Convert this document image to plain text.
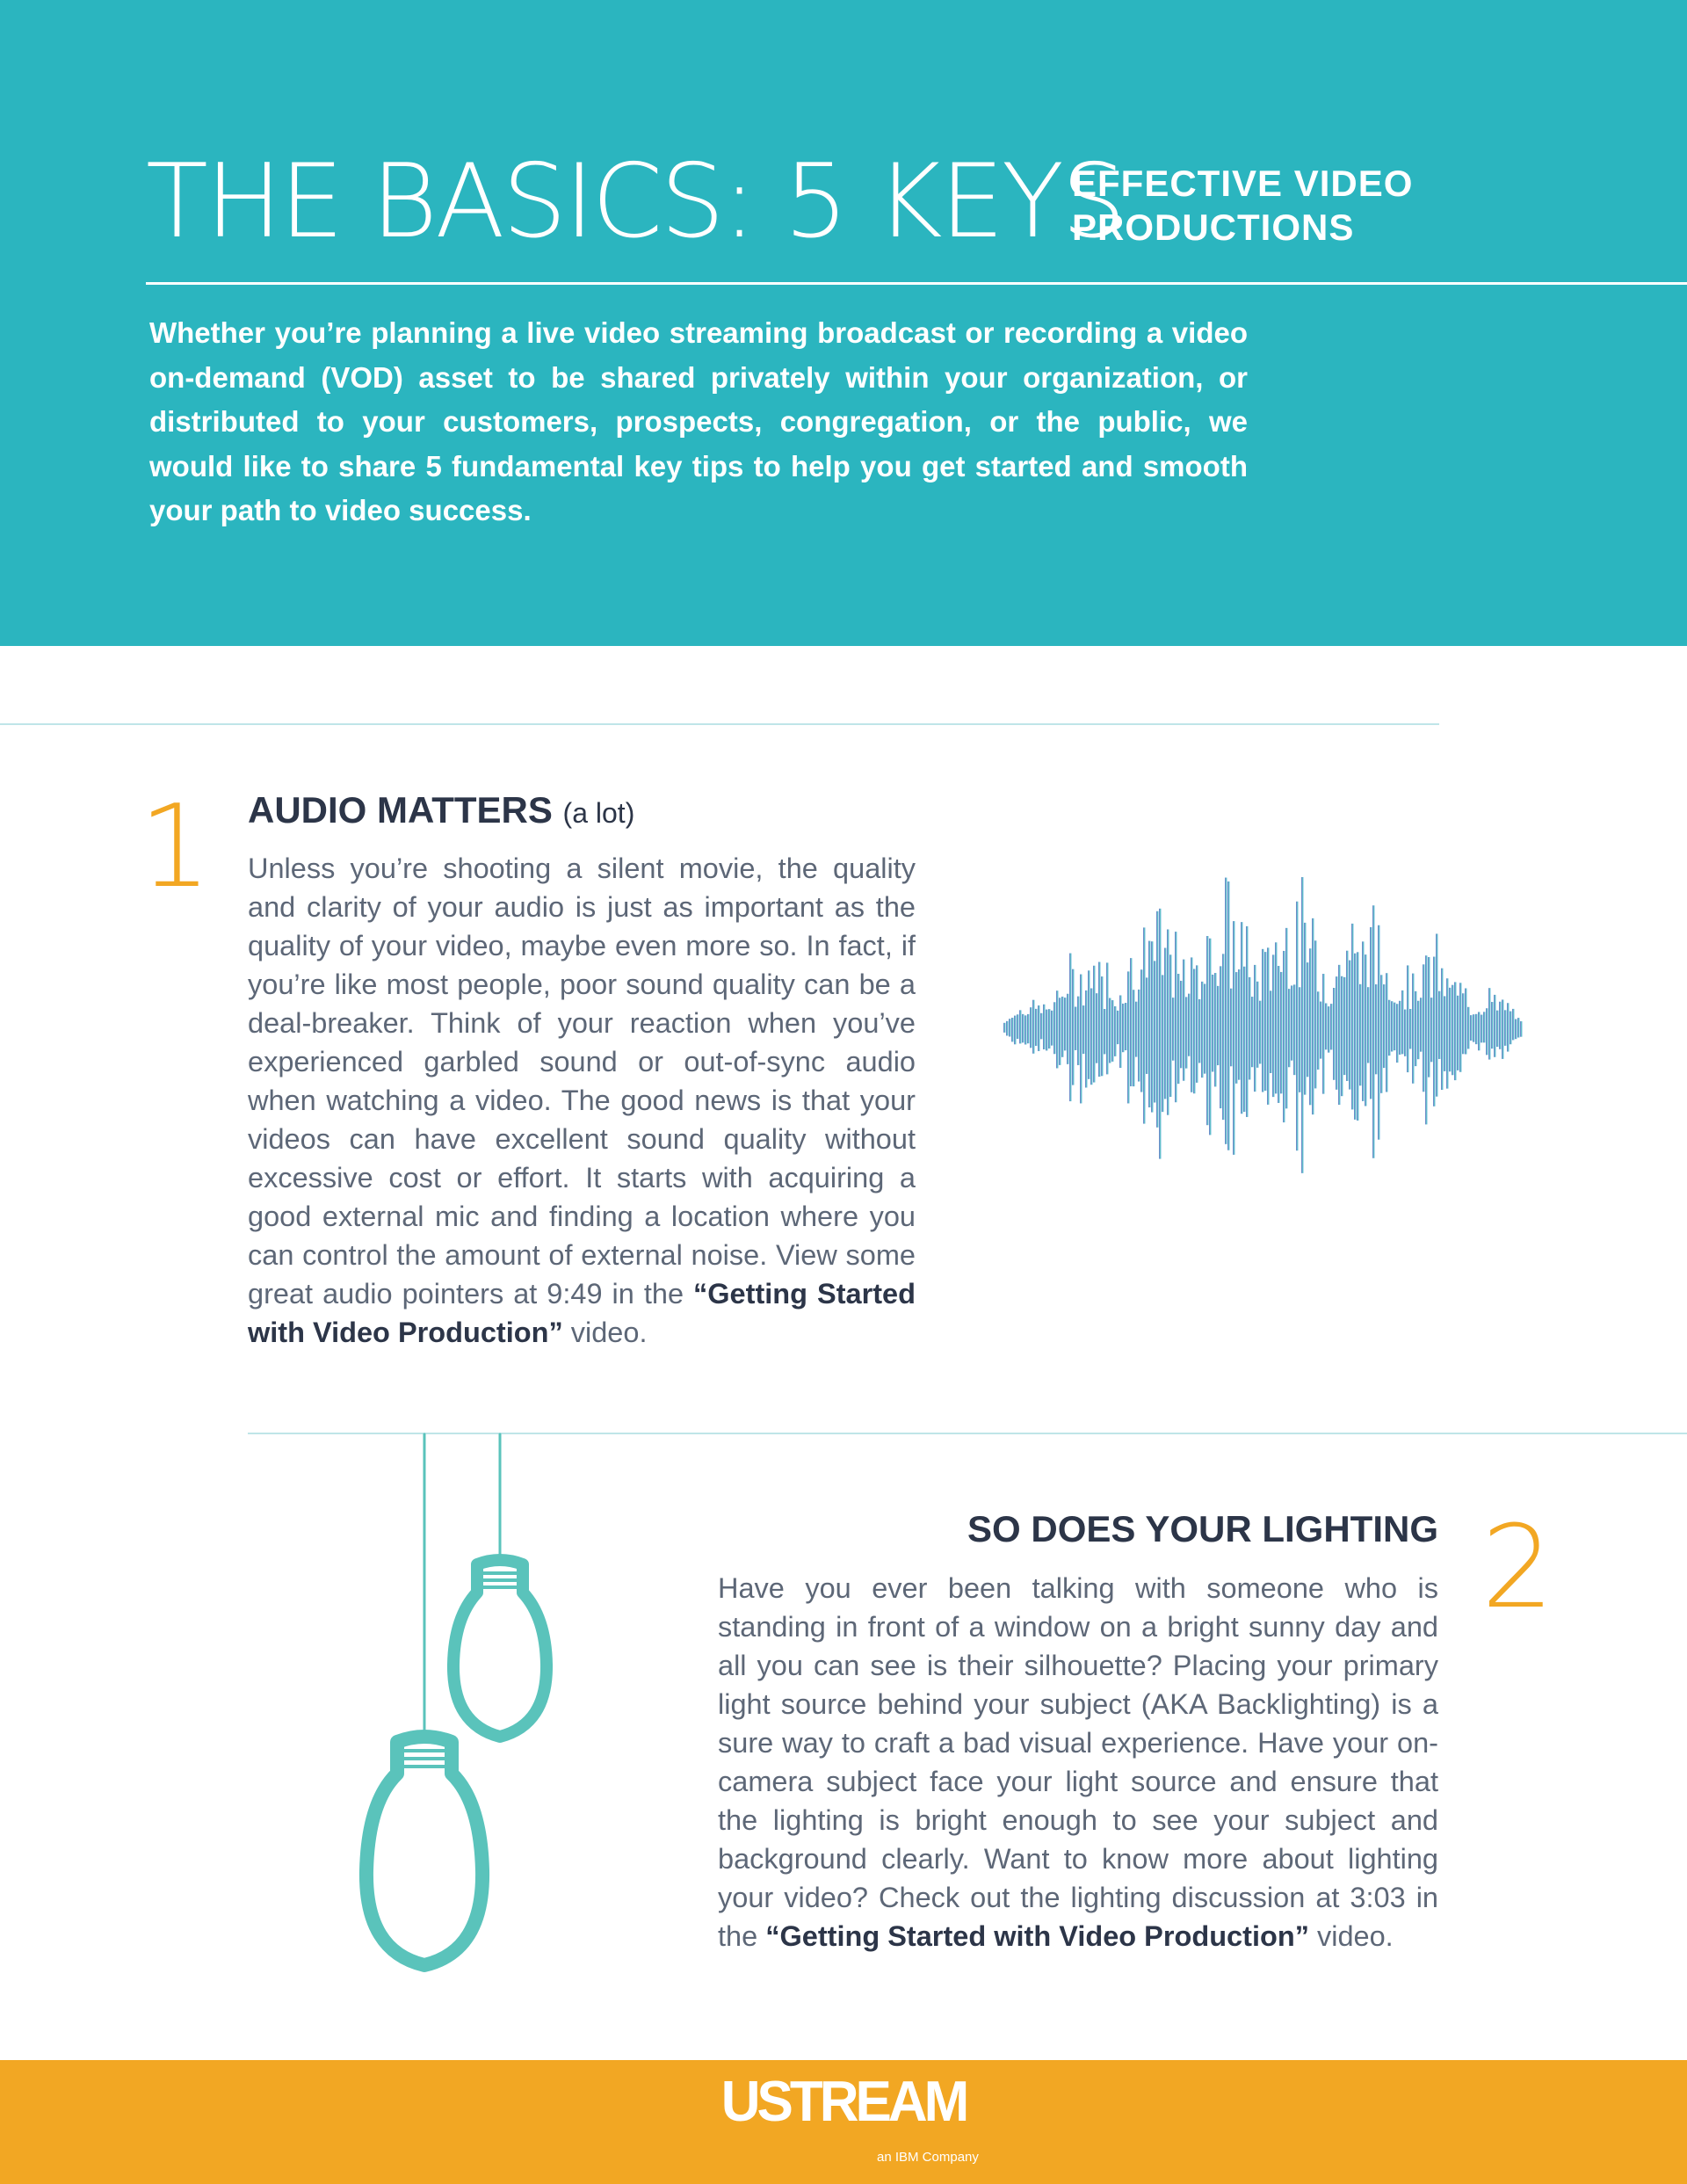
THE BASICS: 5 KEYS
EFFECTIVE VIDEO
PRODUCTIONS
Whether you’re planning a live video streaming broadcast or recording a video on-demand (VOD) asset to be shared privately within your organization, or distributed to your customers, prospects, congregation, or the public, we would like to share 5 fundamental key tips to help you get started and smooth your path to video success.
1 AUDIO MATTERS (a lot)
Unless you’re shooting a silent movie, the quality and clarity of your audio is just as important as the quality of your video, maybe even more so. In fact, if you’re like most people, poor sound quality can be a deal-breaker. Think of your reaction when you’ve experienced garbled sound or out-of-sync audio when watching a video. The good news is that your videos can have excellent sound quality without excessive cost or effort. It starts with acquiring a good external mic and finding a location where you can control the amount of external noise. View some great audio pointers at 9:49 in the “Getting Started with Video Production” video.
SO DOES YOUR LIGHTING 2
Have you ever been talking with someone who is standing in front of a window on a bright sunny day and all you can see is their silhouette? Placing your primary light source behind your subject (AKA Backlighting) is a sure way to craft a bad visual experience. Have your on-camera subject face your light source and ensure that the lighting is bright enough to see your subject and background clearly. Want to know more about lighting your video? Check out the lighting discussion at 3:03 in the “Getting Started with Video Production” video.
USTREAM
an IBM Company
